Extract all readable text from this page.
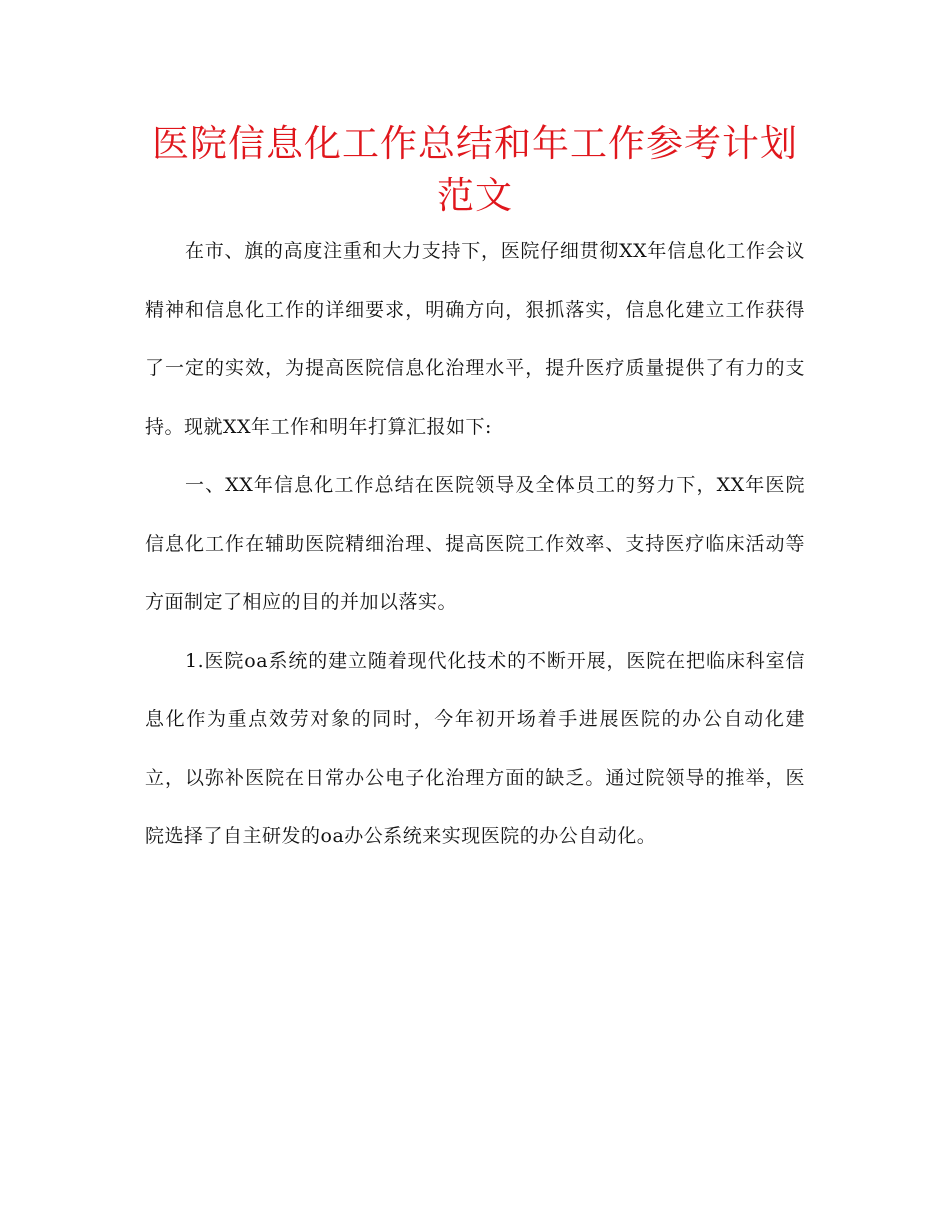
医院信息化工作总结和年工作参考计划范文

在市、旗的高度注重和大力支持下，医院仔细贯彻XX年信息化工作会议精神和信息化工作的详细要求，明确方向，狠抓落实，信息化建立工作获得了一定的实效，为提高医院信息化治理水平，提升医疗质量提供了有力的支持。现就XX年工作和明年打算汇报如下:

一、XX年信息化工作总结在医院领导及全体员工的努力下，XX年医院信息化工作在辅助医院精细治理、提高医院工作效率、支持医疗临床活动等方面制定了相应的目的并加以落实。

1.医院oa系统的建立随着现代化技术的不断开展，医院在把临床科室信息化作为重点效劳对象的同时，今年初开场着手进展医院的办公自动化建立，以弥补医院在日常办公电子化治理方面的缺乏。通过院领导的推举，医院选择了自主研发的oa办公系统来实现医院的办公自动化。
